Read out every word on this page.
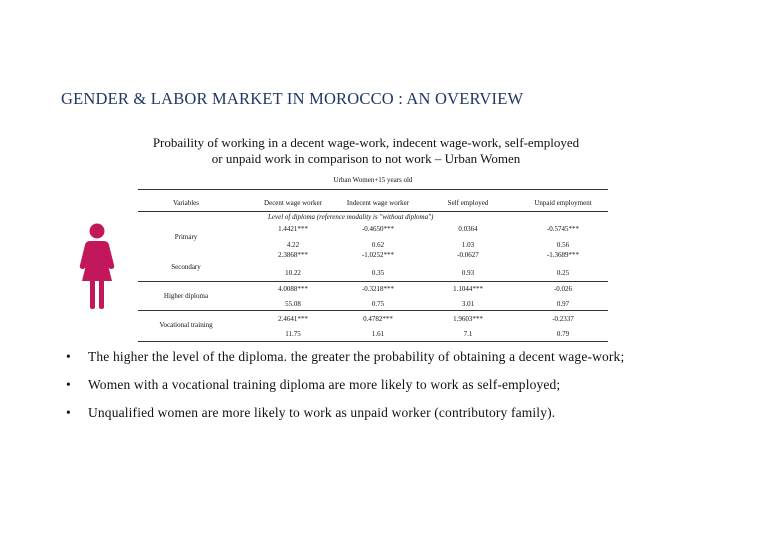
GENDER & LABOR MARKET IN MOROCCO : AN OVERVIEW
Probaility of working in a decent wage-work, indecent wage-work, self-employed
or unpaid work in comparison to not work – Urban Women
Urban Women+15 years old
Variables	Decent wage worker	Indecent wage worker	Self employed	Unpaid employment
Level of diploma (reference modality is "without diploma")
Primary
1.4421***	-0.4650***	0.0364	-0.5745***
4.22	0.62	1.03	0.56
Secondary
2.3868***	-1.0252***	-0.0627	-1.3689***
10.22	0.35	0.93	0.25
Higher diploma
4.0088***	-0.3218***	1.1044***	-0.026
55.08	0.75	3.01	0.97
Vocational training
2.4641***	0.4782***	1.9603***	-0.2337
11.75	1.61	7.1	0.79
• The higher the level of the diploma. the greater the probability of obtaining a decent wage-work;
• Women with a vocational training diploma are more likely to work as self-employed;
• Unqualified women are more likely to work as unpaid worker (contributory family).
